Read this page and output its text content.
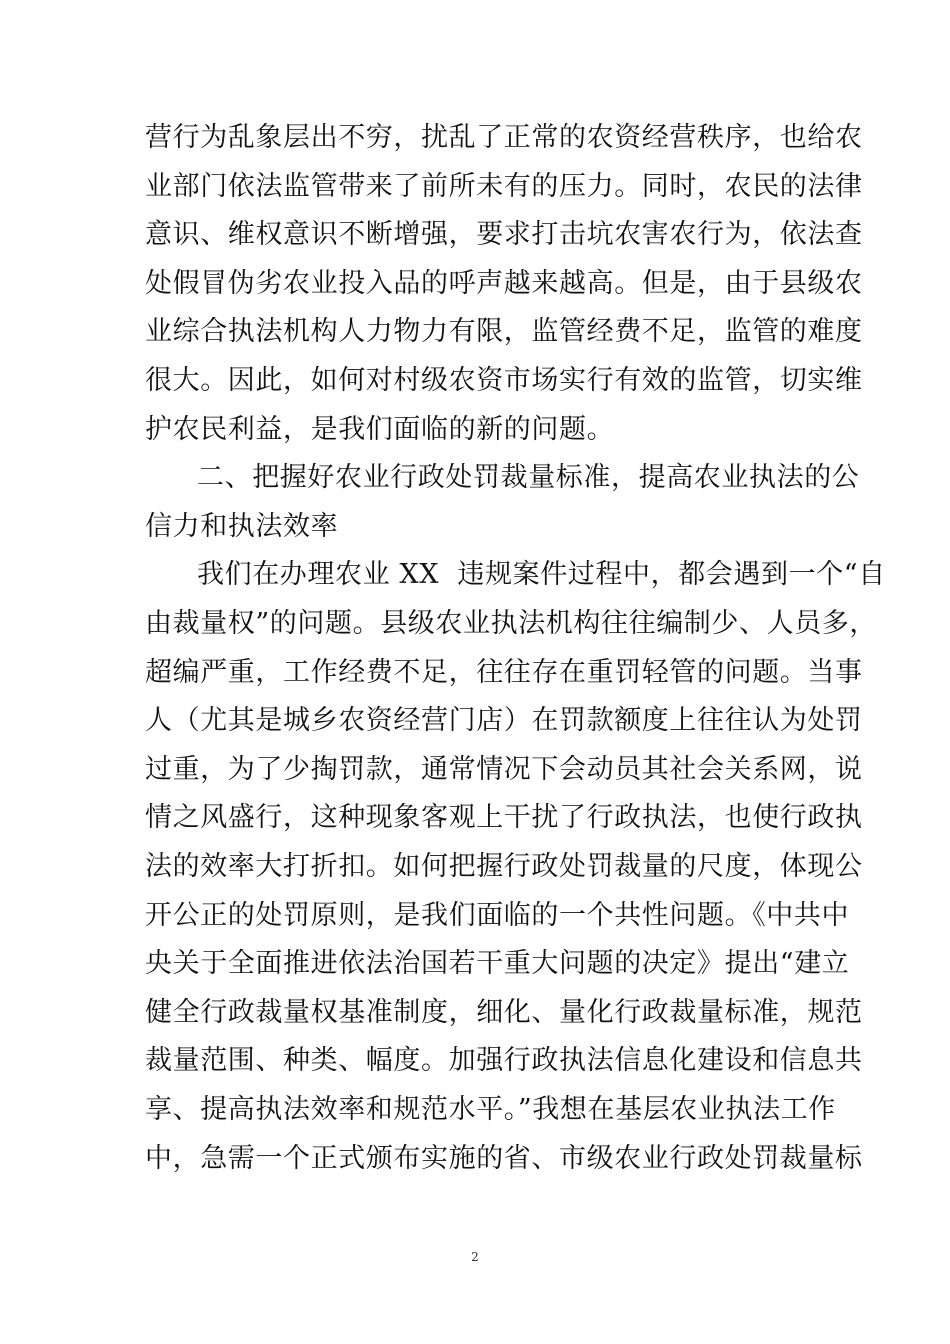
营行为乱象层出不穷，扰乱了正常的农资经营秩序，也给农
业部门依法监管带来了前所未有的压力。同时，农民的法律
意识、维权意识不断增强，要求打击坑农害农行为，依法查
处假冒伪劣农业投入品的呼声越来越高。但是，由于县级农
业综合执法机构人力物力有限，监管经费不足，监管的难度
很大。因此，如何对村级农资市场实行有效的监管，切实维
护农民利益，是我们面临的新的问题。
二、把握好农业行政处罚裁量标准，提高农业执法的公
信力和执法效率
我们在办理农业 XX  违规案件过程中，都会遇到一个“自
由裁量权”的问题。县级农业执法机构往往编制少、人员多，
超编严重，工作经费不足，往往存在重罚轻管的问题。当事
人（尤其是城乡农资经营门店）在罚款额度上往往认为处罚
过重，为了少掏罚款，通常情况下会动员其社会关系网，说
情之风盛行，这种现象客观上干扰了行政执法，也使行政执
法的效率大打折扣。如何把握行政处罚裁量的尺度，体现公
开公正的处罚原则，是我们面临的一个共性问题。《中共中
央关于全面推进依法治国若干重大问题的决定》提出“建立
健全行政裁量权基准制度，细化、量化行政裁量标准，规范
裁量范围、种类、幅度。加强行政执法信息化建设和信息共
享、提高执法效率和规范水平。”我想在基层农业执法工作
中，急需一个正式颁布实施的省、市级农业行政处罚裁量标
2
